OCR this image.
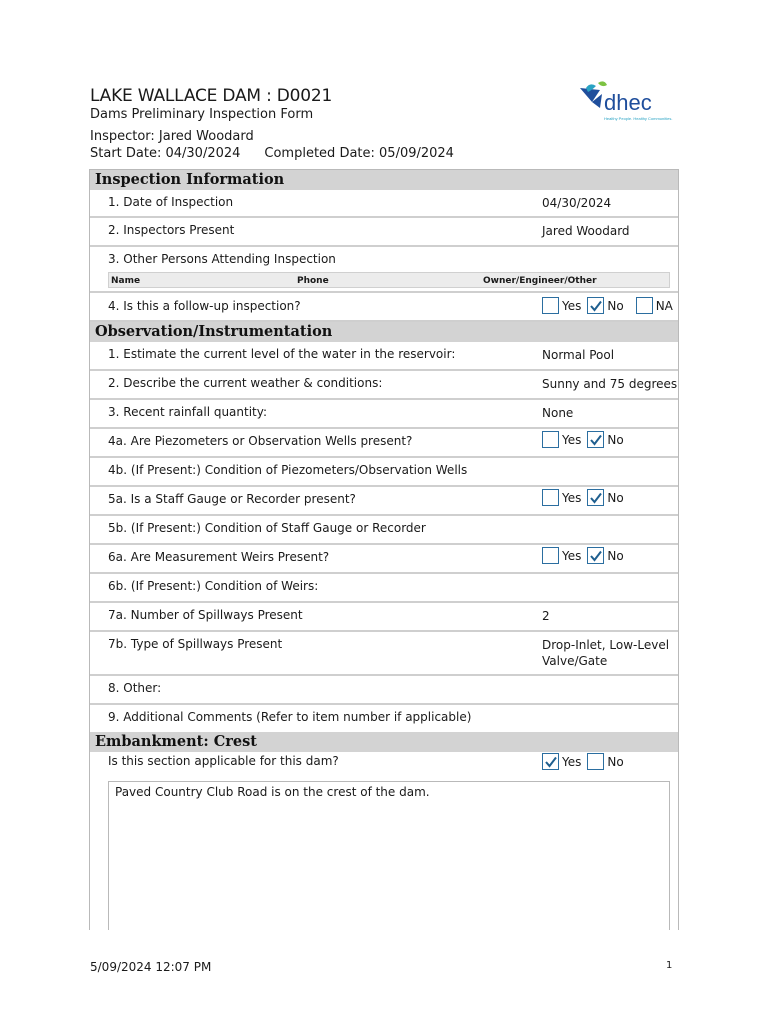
LAKE WALLACE DAM : D0021
Dams Preliminary Inspection Form
Inspector: Jared Woodard
Start Date: 04/30/2024 Completed Date: 05/09/2024
dhec
Healthy People. Healthy Communities.
Inspection Information
1. Date of Inspection	04/30/2024
2. Inspectors Present	Jared Woodard
3. Other Persons Attending Inspection
Name	Phone	Owner/Engineer/Other
4. Is this a follow-up inspection?	Yes No	NA
Observation/Instrumentation
1. Estimate the current level of the water in the reservoir:	Normal Pool
2. Describe the current weather & conditions:	Sunny and 75 degrees
3. Recent rainfall quantity:	None
4a. Are Piezometers or Observation Wells present?	Yes No
4b. (If Present:) Condition of Piezometers/Observation Wells
5a. Is a Staff Gauge or Recorder present?	Yes No
5b. (If Present:) Condition of Staff Gauge or Recorder
6a. Are Measurement Weirs Present?	Yes No
6b. (If Present:) Condition of Weirs:
7a. Number of Spillways Present	2
7b. Type of Spillways Present	Drop-Inlet, Low-Level
Valve/Gate
8. Other:
9. Additional Comments (Refer to item number if applicable)
Embankment: Crest
Is this section applicable for this dam?	Yes No
Paved Country Club Road is on the crest of the dam.
5/09/2024 12:07 PM	1
